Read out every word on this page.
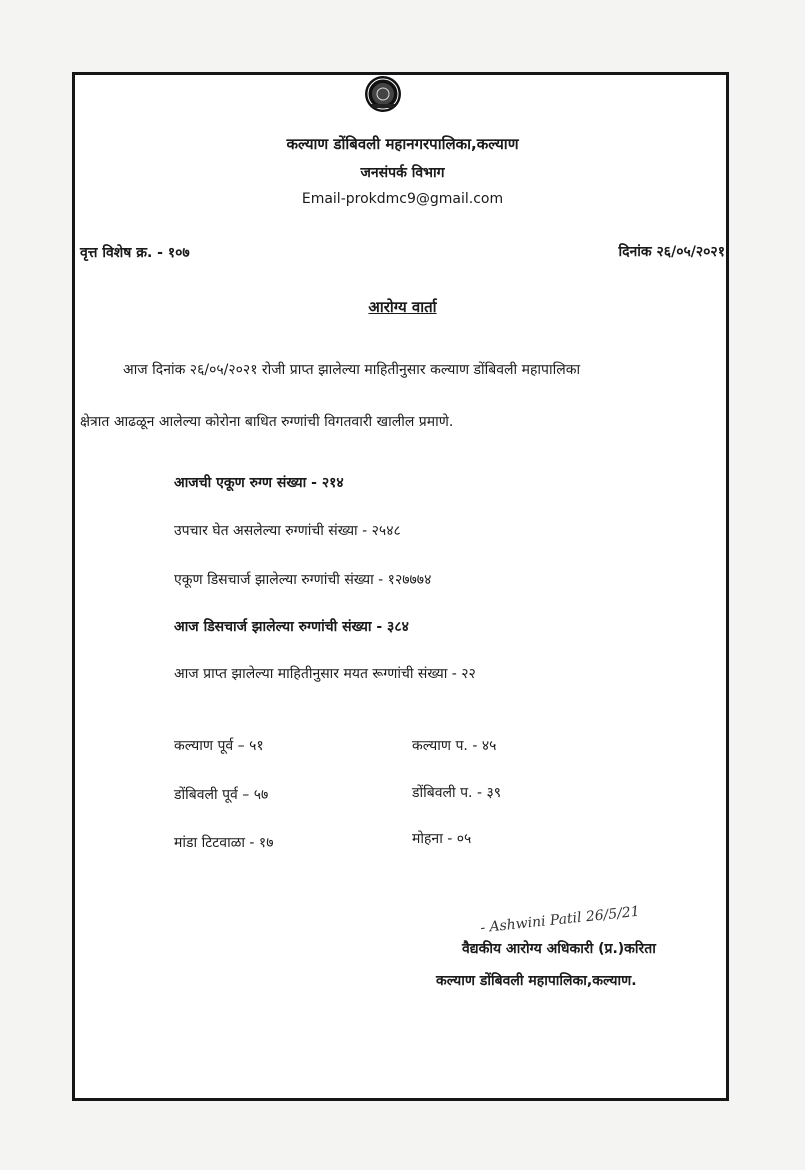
कल्याण डोंबिवली महानगरपालिका,कल्याण
जनसंपर्क विभाग
Email-prokdmc9@gmail.com
वृत्त विशेष क्र. - १०७	दिनांक २६/०५/२०२१
आरोग्य वार्ता
आज दिनांक २६/०५/२०२१ रोजी प्राप्त झालेल्या माहितीनुसार कल्याण डोंबिवली महापालिका
क्षेत्रात आढळून आलेल्या कोरोना बाधित रुग्णांची विगतवारी खालील प्रमाणे.
आजची एकूण रुग्ण संख्या - २१४
उपचार घेत असलेल्या रुग्णांची संख्या - २५४८
एकूण डिसचार्ज झालेल्या रुग्णांची संख्या - १२७७७४
आज डिसचार्ज झालेल्या रुग्णांची संख्या - ३८४
आज प्राप्त झालेल्या माहितीनुसार मयत रूग्णांची संख्या - २२
कल्याण पूर्व – ५१	कल्याण प. - ४५
डोंबिवली पूर्व – ५७	डोंबिवली प. - ३९
मांडा टिटवाळा - १७	मोहना - ०५
- Ashwini Patil 26/5/21
वैद्यकीय आरोग्य अधिकारी (प्र.)करिता
कल्याण डोंबिवली महापालिका,कल्याण.
